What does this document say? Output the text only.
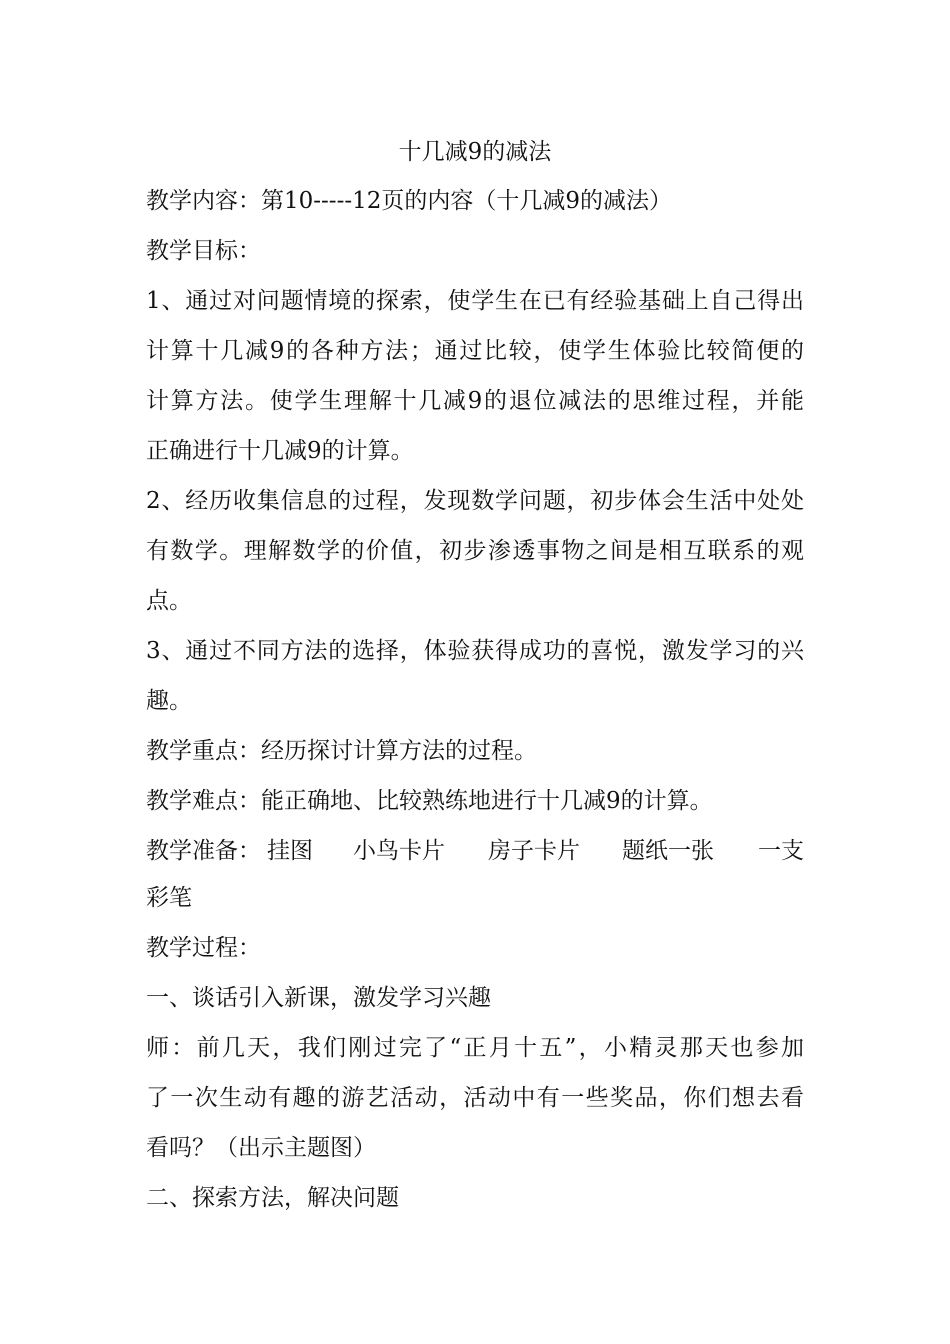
十几减9的减法
教学内容：第10-----12页的内容（十几减9的减法）
教学目标：
1、通过对问题情境的探索，使学生在已有经验基础上自己得出
计算十几减9的各种方法；通过比较，使学生体验比较简便的
计算方法。使学生理解十几减9的退位减法的思维过程，并能
正确进行十几减9的计算。
2、经历收集信息的过程，发现数学问题，初步体会生活中处处
有数学。理解数学的价值，初步渗透事物之间是相互联系的观
点。
3、通过不同方法的选择，体验获得成功的喜悦，激发学习的兴
趣。
教学重点：经历探讨计算方法的过程。
教学难点：能正确地、比较熟练地进行十几减9的计算。
教学准备： 挂图 小鸟卡片 房子卡片 题纸一张 一支
彩笔
教学过程：
一、谈话引入新课，激发学习兴趣
师：前几天，我们刚过完了“正月十五”，小精灵那天也参加
了一次生动有趣的游艺活动，活动中有一些奖品，你们想去看
看吗？（出示主题图）
二、探索方法，解决问题
